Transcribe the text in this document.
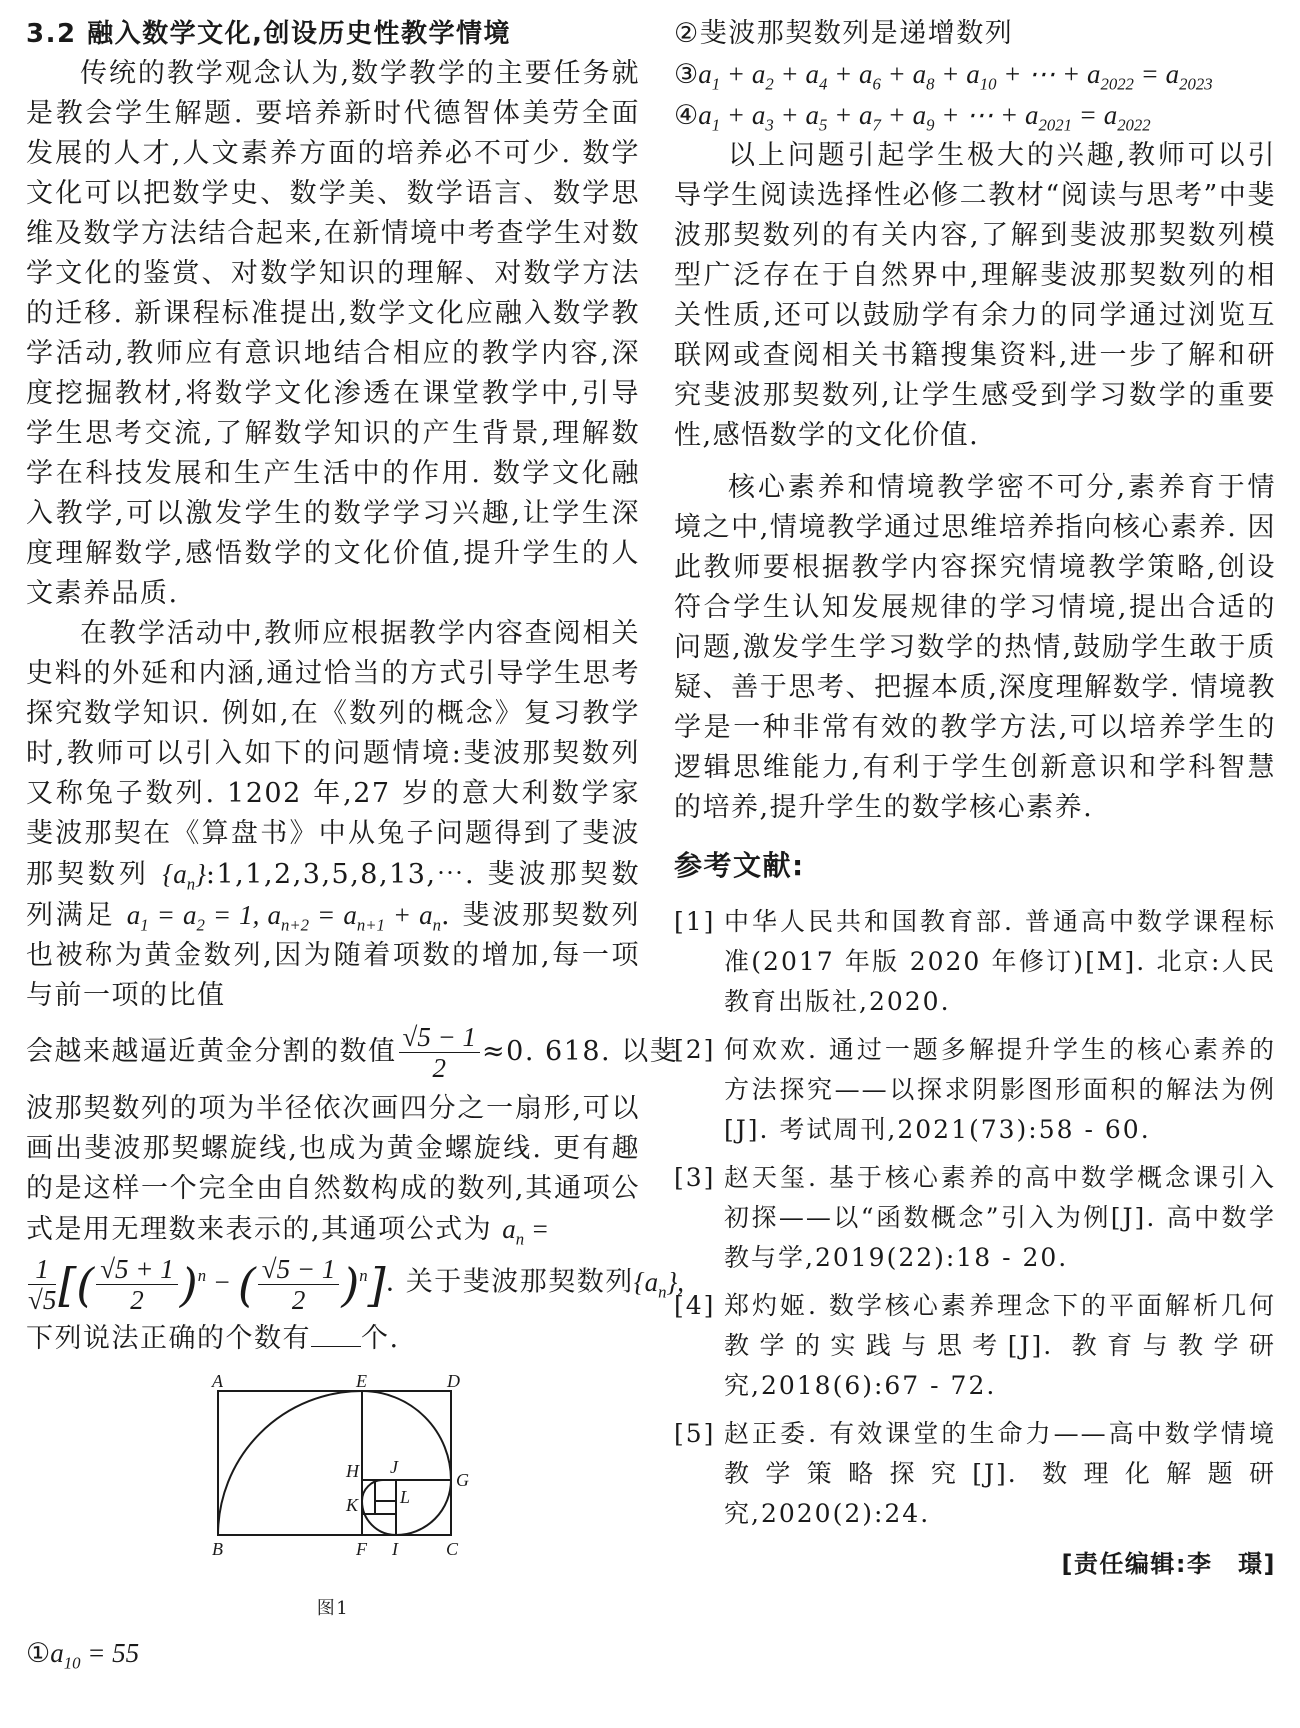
3.2 融入数学文化,创设历史性教学情境

传统的教学观念认为,数学教学的主要任务就是教会学生解题. 要培养新时代德智体美劳全面发展的人才,人文素养方面的培养必不可少. 数学文化可以把数学史、数学美、数学语言、数学思维及数学方法结合起来,在新情境中考查学生对数学文化的鉴赏、对数学知识的理解、对数学方法的迁移. 新课程标准提出,数学文化应融入数学教学活动,教师应有意识地结合相应的教学内容,深度挖掘教材,将数学文化渗透在课堂教学中,引导学生思考交流,了解数学知识的产生背景,理解数学在科技发展和生产生活中的作用. 数学文化融入教学,可以激发学生的数学学习兴趣,让学生深度理解数学,感悟数学的文化价值,提升学生的人文素养品质.

在教学活动中,教师应根据教学内容查阅相关史料的外延和内涵,通过恰当的方式引导学生思考探究数学知识. 例如,在《数列的概念》复习教学时,教师可以引入如下的问题情境:斐波那契数列又称兔子数列. 1202 年,27 岁的意大利数学家斐波那契在《算盘书》中从兔子问题得到了斐波那契数列 $\{a_n\}:1,1,2,3,5,8,13,\cdots$. 斐波那契数列满足 $a_1 = a_2 = 1$, $a_{n+2} = a_{n+1} + a_n$. 斐波那契数列也被称为黄金数列,因为随着项数的增加,每一项与前一项的比值

会越来越逼近黄金分割的数值 $\frac{√5 - 1}{2} \approx 0$. 618. 以斐

波那契数列的项为半径依次画四分之一扇形,可以画出斐波那契螺旋线,也成为黄金螺旋线. 更有趣的是这样一个完全由自然数构成的数列,其通项公式是用无理数来表示的,其通项公式为 $a_n$ =

$\frac{1}{√5}$ [( $\frac{√5 + 1}{2} )^n$ − ( $\frac{√5 - 1}{2} )^n$]. 关于斐波那契数列$\{a_n\}$,

下列说法正确的个数有 个.

A	E	D
B	F I	C
H J
G
K L
图1
$①a_{10} = 55$
②斐波那契数列是递增数列
$③a_1 + a_2 + a_4 + a_6 + a_8 + a_{10}$ + ⋯ + $a_{2022} = a_{2023}$
$④a_1 + a_3 + a_5 + a_7 + a_9$ + ⋯ + $a_{2021} = a_{2022}$

以上问题引起学生极大的兴趣,教师可以引导学生阅读选择性必修二教材“阅读与思考”中斐波那契数列的有关内容,了解到斐波那契数列模型广泛存在于自然界中,理解斐波那契数列的相关性质,还可以鼓励学有余力的同学通过浏览互联网或查阅相关书籍搜集资料,进一步了解和研究斐波那契数列,让学生感受到学习数学的重要性,感悟数学的文化价值.

核心素养和情境教学密不可分,素养育于情境之中,情境教学通过思维培养指向核心素养. 因此教师要根据教学内容探究情境教学策略,创设符合学生认知发展规律的学习情境,提出合适的问题,激发学生学习数学的热情,鼓励学生敢于质疑、善于思考、把握本质,深度理解数学. 情境教学是一种非常有效的教学方法,可以培养学生的逻辑思维能力,有利于学生创新意识和学科智慧的培养,提升学生的数学核心素养.

参考文献:
[1] 中华人民共和国教育部. 普通高中数学课程标准(2017 年版 2020 年修订)[M]. 北京:人民教育出版社,2020.
[2] 何欢欢. 通过一题多解提升学生的核心素养的方法探究——以探求阴影图形面积的解法为例[J]. 考试周刊,2021(73):58 - 60.
[3] 赵天玺. 基于核心素养的高中数学概念课引入初探——以“函数概念”引入为例[J]. 高中数学教与学,2019(22):18 - 20.
[4] 郑灼姬. 数学核心素养理念下的平面解析几何教学的实践与思考[J]. 教育与教学研究,2018(6):67 - 72.
[5] 赵正委. 有效课堂的生命力——高中数学情境教学策略探究[J]. 数理化解题研究,2020(2):24.
[责任编辑:李　璟]
